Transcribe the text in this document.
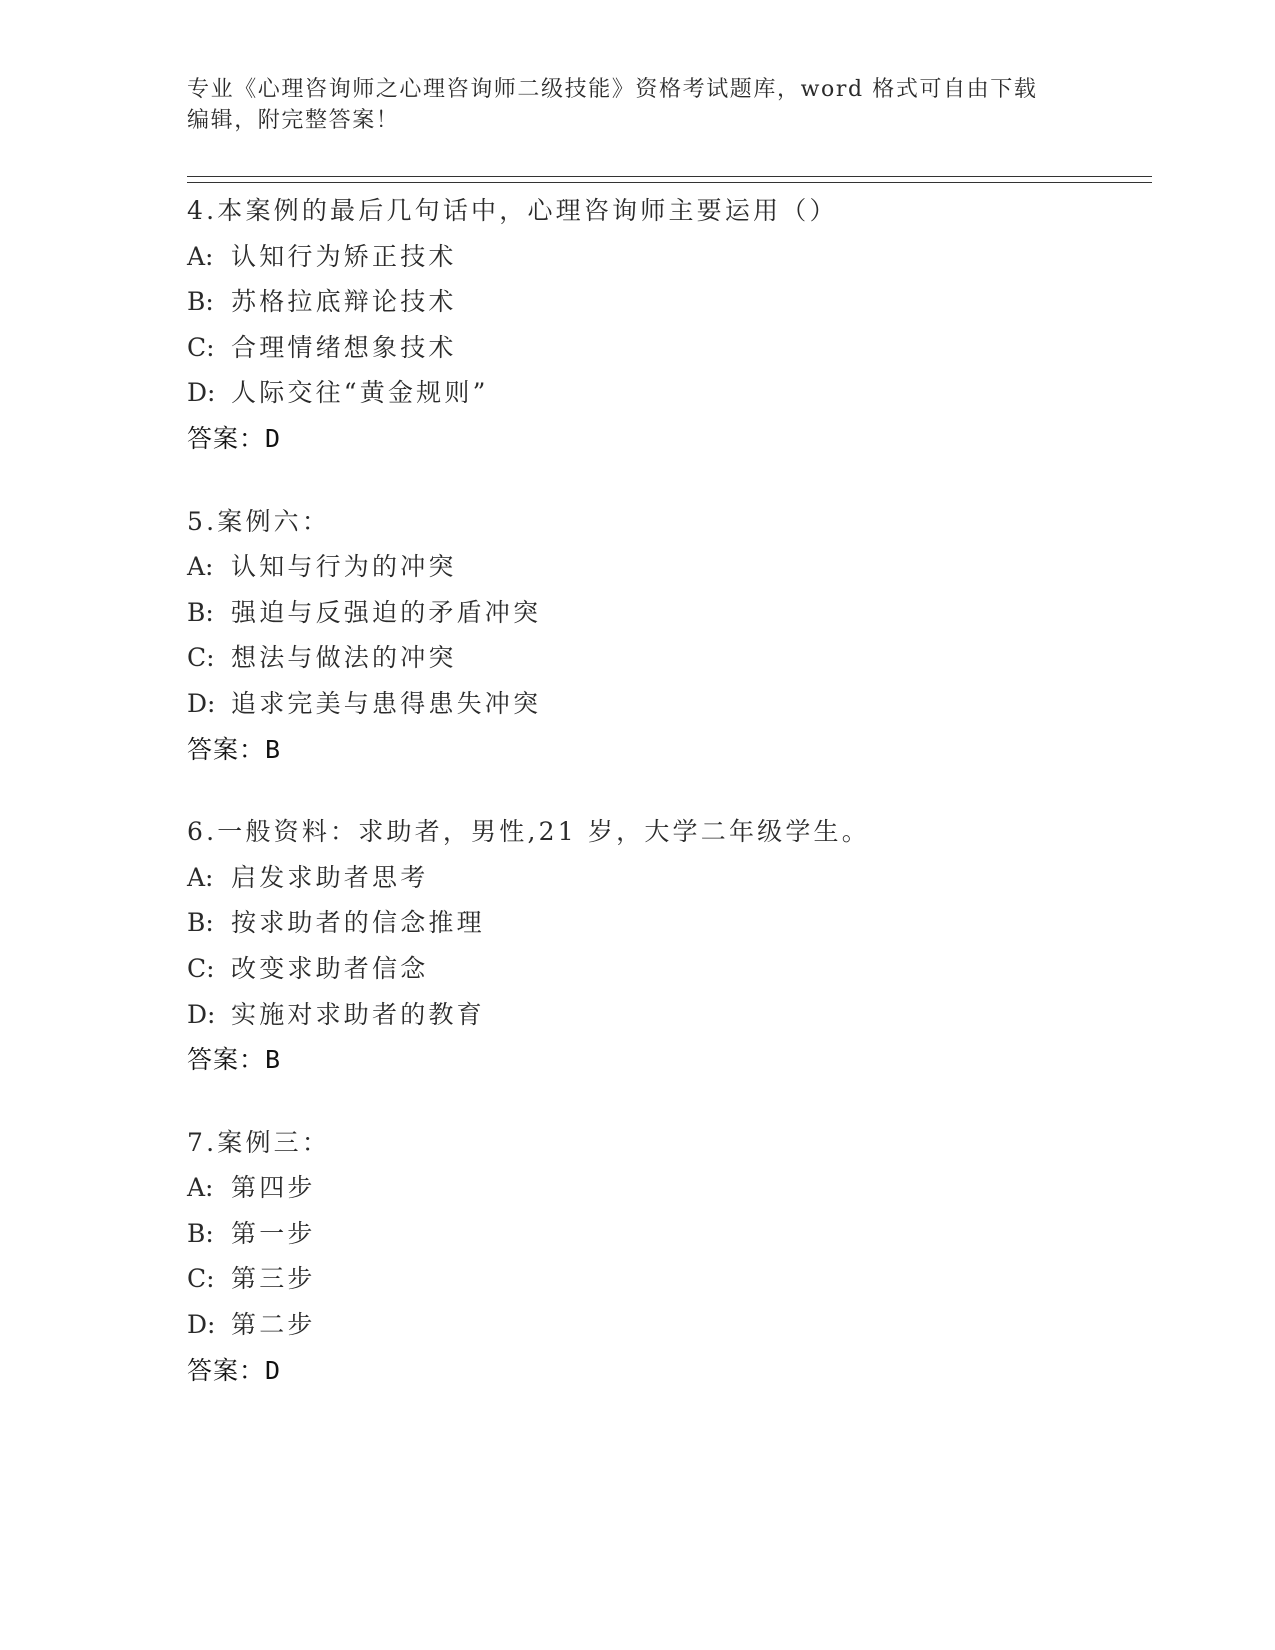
专业《心理咨询师之心理咨询师二级技能》资格考试题库，word 格式可自由下载
编辑，附完整答案！
4.本案例的最后几句话中，心理咨询师主要运用（）
A: 认知行为矫正技术
B: 苏格拉底辩论技术
C: 合理情绪想象技术
D: 人际交往“黄金规则”
答案：D
5.案例六：
A: 认知与行为的冲突
B: 强迫与反强迫的矛盾冲突
C: 想法与做法的冲突
D: 追求完美与患得患失冲突
答案：B
6.一般资料：求助者，男性,21 岁，大学二年级学生。
A: 启发求助者思考
B: 按求助者的信念推理
C: 改变求助者信念
D: 实施对求助者的教育
答案：B
7.案例三：
A: 第四步
B: 第一步
C: 第三步
D: 第二步
答案：D
